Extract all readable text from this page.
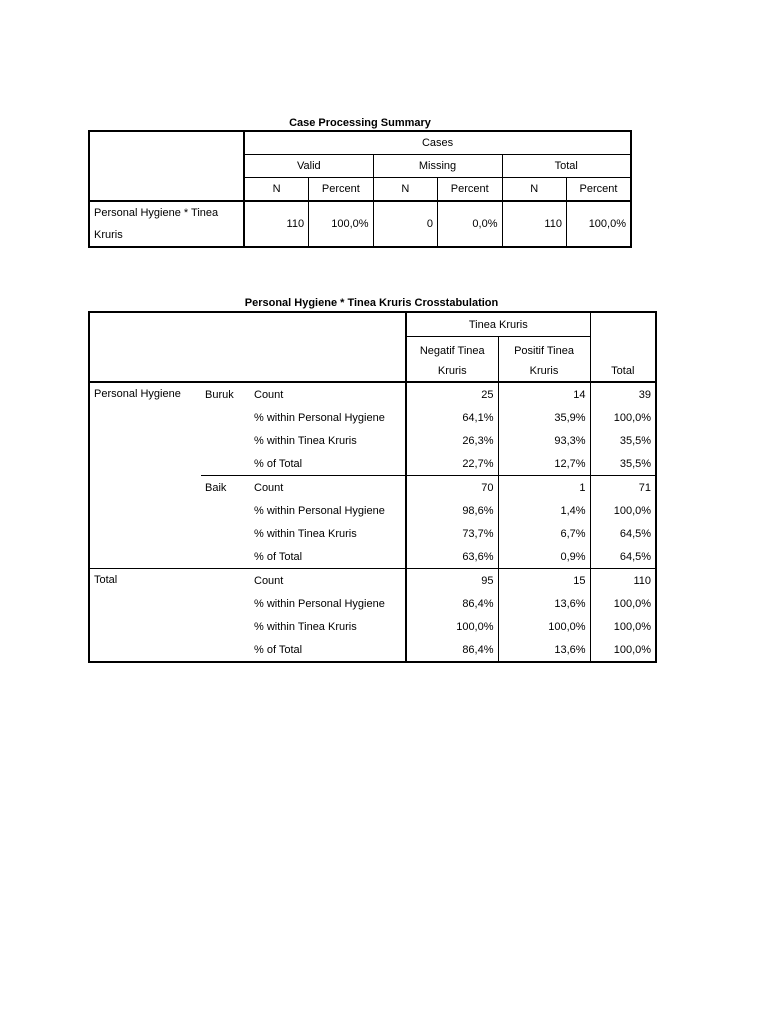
Case Processing Summary
	Cases					
	Valid		Missing		Total	
	N	Percent	N	Percent	N	Percent
Personal Hygiene * Tinea Kruris	110	100,0%	0	0,0%	110	100,0%
Personal Hygiene * Tinea Kruris Crosstabulation
			Tinea Kruris		Total
			Negatif Tinea Kruris	Positif Tinea Kruris	
Personal Hygiene	Buruk	Count	25	14	39
		% within Personal Hygiene	64,1%	35,9%	100,0%
		% within Tinea Kruris	26,3%	93,3%	35,5%
		% of Total	22,7%	12,7%	35,5%
	Baik	Count	70	1	71
		% within Personal Hygiene	98,6%	1,4%	100,0%
		% within Tinea Kruris	73,7%	6,7%	64,5%
		% of Total	63,6%	0,9%	64,5%
Total		Count	95	15	110
		% within Personal Hygiene	86,4%	13,6%	100,0%
		% within Tinea Kruris	100,0%	100,0%	100,0%
		% of Total	86,4%	13,6%	100,0%
